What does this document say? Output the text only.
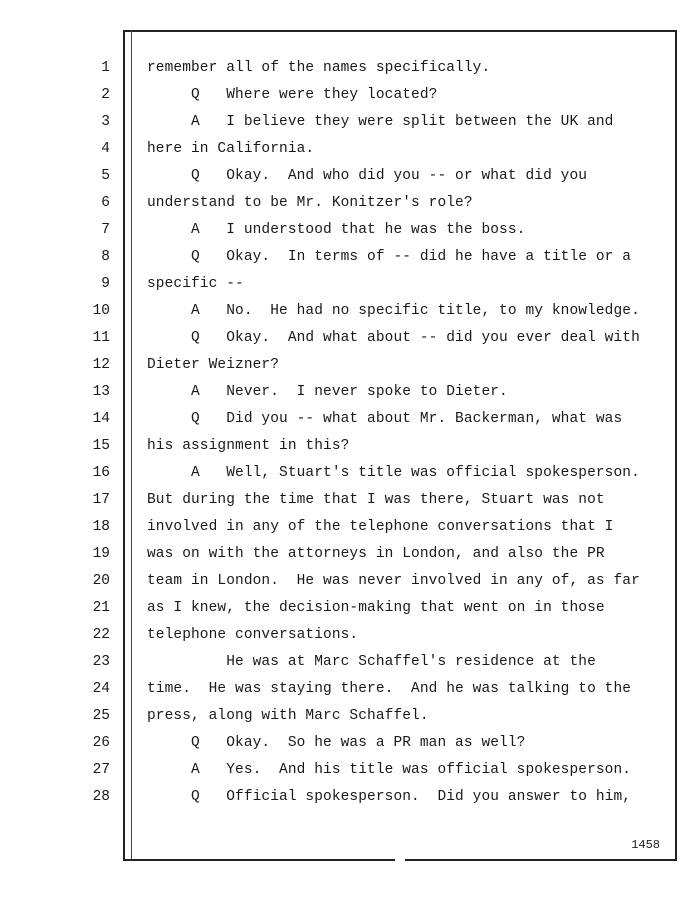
1
2
3
4
5
6
7
8
9
10
11
12
13
14
15
16
17
18
19
20
21
22
23
24
25
26
27
28
remember all of the names specifically.
Q   Where were they located?
A   I believe they were split between the UK and
here in California.
Q   Okay.  And who did you -- or what did you
understand to be Mr. Konitzer's role?
A   I understood that he was the boss.
Q   Okay.  In terms of -- did he have a title or a
specific --
A   No.  He had no specific title, to my knowledge.
Q   Okay.  And what about -- did you ever deal with
Dieter Weizner?
A   Never.  I never spoke to Dieter.
Q   Did you -- what about Mr. Backerman, what was
his assignment in this?
A   Well, Stuart's title was official spokesperson.
But during the time that I was there, Stuart was not
involved in any of the telephone conversations that I
was on with the attorneys in London, and also the PR
team in London.  He was never involved in any of, as far
as I knew, the decision-making that went on in those
telephone conversations.
He was at Marc Schaffel's residence at the
time.  He was staying there.  And he was talking to the
press, along with Marc Schaffel.
Q   Okay.  So he was a PR man as well?
A   Yes.  And his title was official spokesperson.
Q   Official spokesperson.  Did you answer to him,
1458
